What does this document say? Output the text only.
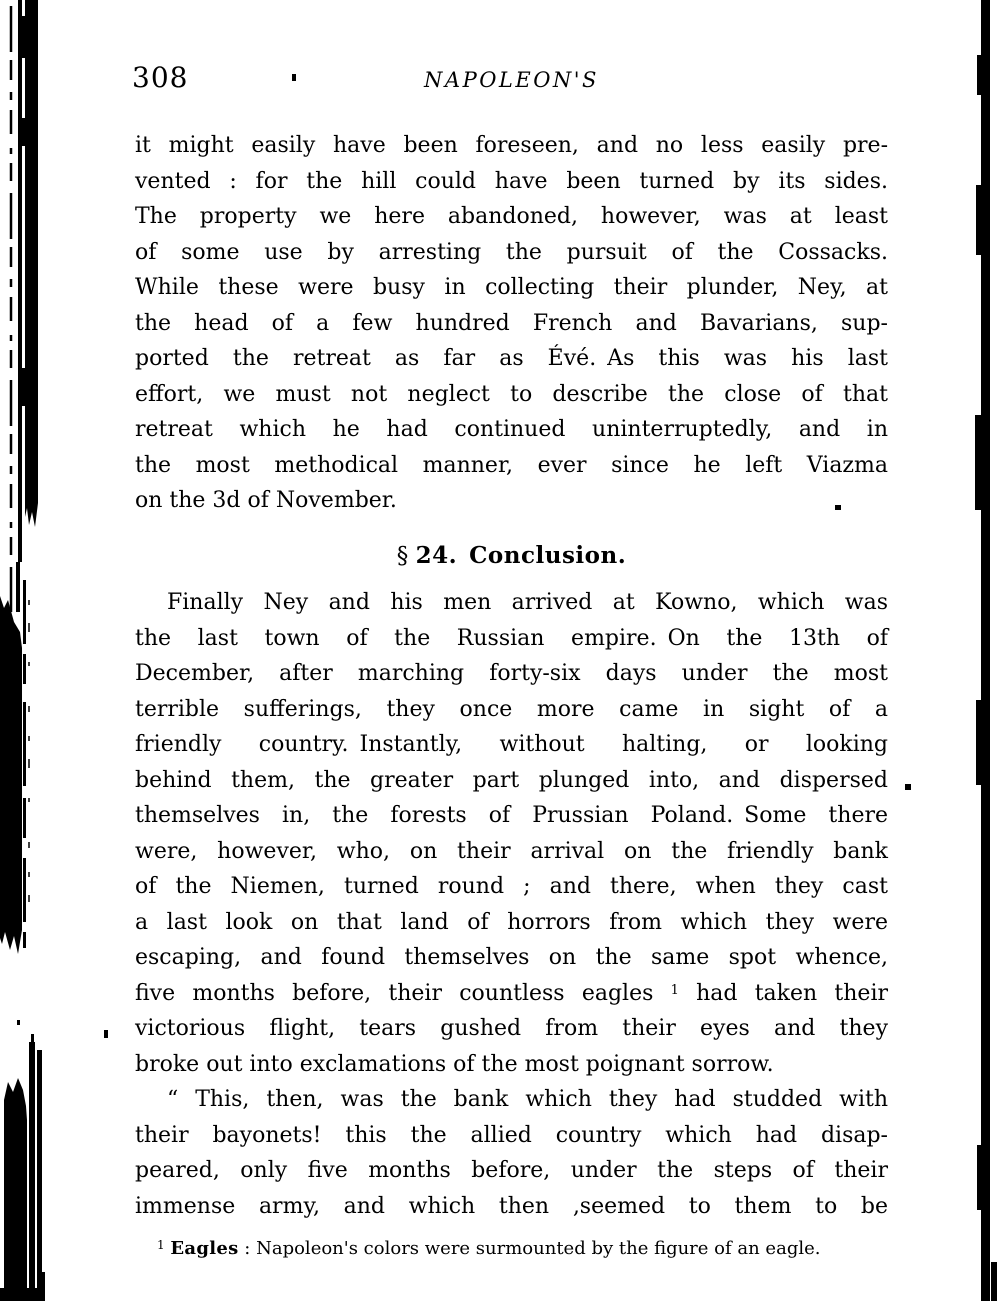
308	NAPOLEON'S
it might easily have been foreseen, and no less easily pre-
vented : for the hill could have been turned by its sides.
The property we here abandoned, however, was at least
of some use by arresting the pursuit of the Cossacks.
While these were busy in collecting their plunder, Ney, at
the head of a few hundred French and Bavarians, sup-
ported the retreat as far as Évé. As this was his last
effort, we must not neglect to describe the close of that
retreat which he had continued uninterruptedly, and in
the most methodical manner, ever since he left Viazma
on the 3d of November.
§ 24. Conclusion.
Finally Ney and his men arrived at Kowno, which was
the last town of the Russian empire. On the 13th of
December, after marching forty-six days under the most
terrible sufferings, they once more came in sight of a
friendly country. Instantly, without halting, or looking
behind them, the greater part plunged into, and dispersed
themselves in, the forests of Prussian Poland. Some there
were, however, who, on their arrival on the friendly bank
of the Niemen, turned round ; and there, when they cast
a last look on that land of horrors from which they were
escaping, and found themselves on the same spot whence,
five months before, their countless eagles $^1$ had taken their
victorious flight, tears gushed from their eyes and they
broke out into exclamations of the most poignant sorrow.
“ This, then, was the bank which they had studded with
their bayonets! this the allied country which had disap-
peared, only five months before, under the steps of their
immense army, and which then ‚seemed to them to be
$^1$ Eagles : Napoleon's colors were surmounted by the figure of an eagle.
